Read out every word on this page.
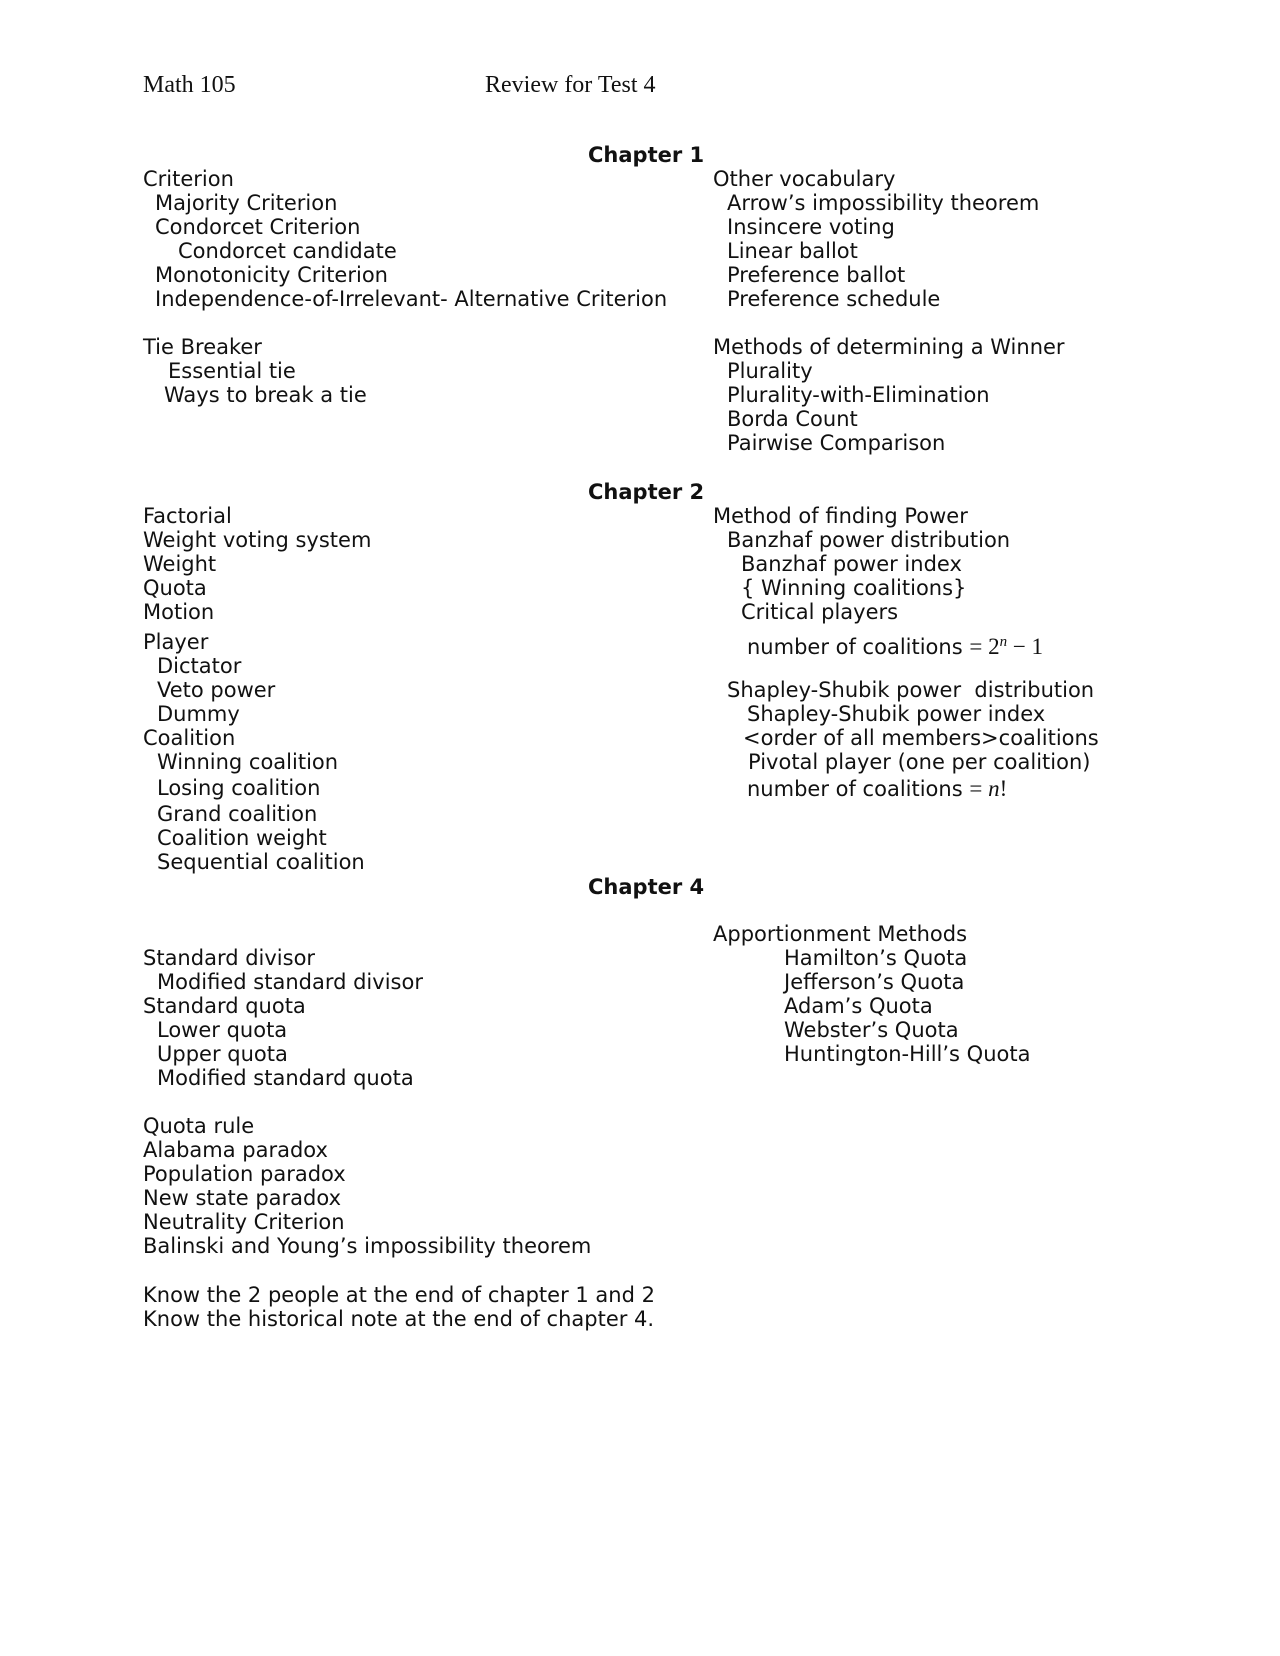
Math 105	Review for Test 4
Chapter 1
Criterion
Majority Criterion
Condorcet Criterion
Condorcet candidate
Monotonicity Criterion
Independence-of-Irrelevant- Alternative Criterion
Tie Breaker
Essential tie
Ways to break a tie
Other vocabulary
Arrow’s impossibility theorem
Insincere voting
Linear ballot
Preference ballot
Preference schedule
Methods of determining a Winner
Plurality
Plurality-with-Elimination
Borda Count
Pairwise Comparison
Chapter 2
Factorial
Weight voting system
Weight
Quota
Motion
Player
Dictator
Veto power
Dummy
Coalition
Winning coalition
Losing coalition
Grand coalition
Coalition weight
Sequential coalition
Method of finding Power
Banzhaf power distribution
Banzhaf power index
{ Winning coalitions}
Critical players
number of coalitions = $2^n - 1$
Shapley-Shubik power  distribution
Shapley-Shubik power index
<order of all members>coalitions
Pivotal player (one per coalition)
number of coalitions = n!
Chapter 4
Apportionment Methods
Hamilton’s Quota
Jefferson’s Quota
Adam’s Quota
Webster’s Quota
Huntington-Hill’s Quota
Standard divisor
Modified standard divisor
Standard quota
Lower quota
Upper quota
Modified standard quota
Quota rule
Alabama paradox
Population paradox
New state paradox
Neutrality Criterion
Balinski and Young’s impossibility theorem
Know the 2 people at the end of chapter 1 and 2
Know the historical note at the end of chapter 4.
